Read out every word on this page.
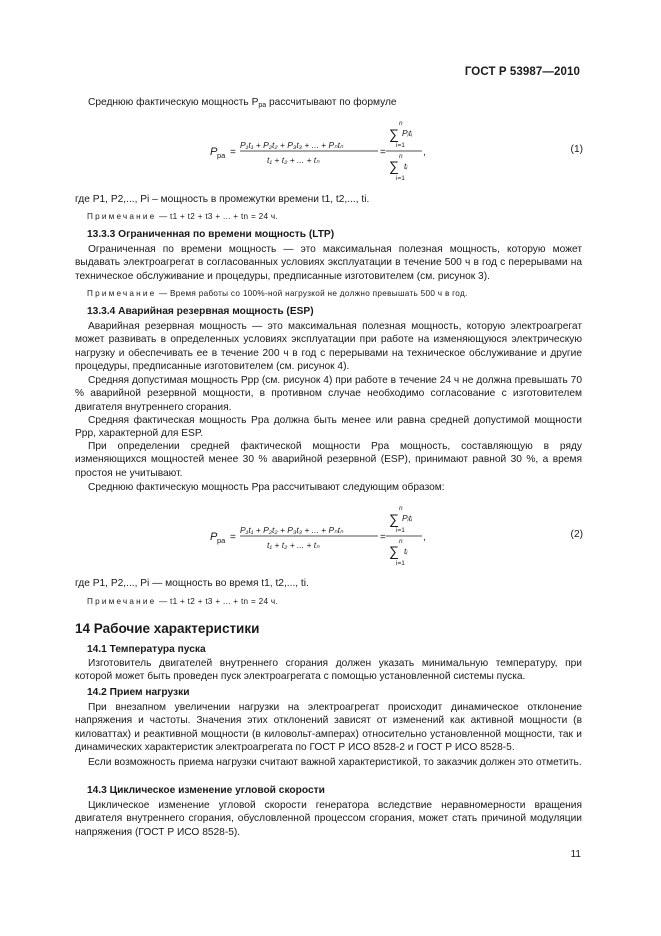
ГОСТ Р 53987—2010

Среднюю фактическую мощность $P_{pa}$ рассчитывают по формуле

P pa =
P₁t₁ + P₂t₂ + P₃t₃ + ... + Pₙtₙ
t₁ + t₂ + ... + tₙ
=
n
∑ Pᵢtᵢ
i=1
n
∑ tᵢ
i=1
,	(1)
где P1, P2,..., Pi – мощность в промежутки времени t1, t2,..., ti.
Примечание — t1 + t2 + t3 + ... + tn = 24 ч.
13.3.3 Ограниченная по времени мощность (LTP)

Ограниченная по времени мощность — это максимальная полезная мощность, которую может выдавать электроагрегат в согласованных условиях эксплуатации в течение 500 ч в год с перерывами на техническое обслуживание и процедуры, предписанные изготовителем (см. рисунок 3).

Примечание — Время работы со 100%-ной нагрузкой не должно превышать 500 ч в год.
13.3.4 Аварийная резервная мощность (ESP)

Аварийная резервная мощность — это максимальная полезная мощность, которую электроагрегат может развивать в определенных условиях эксплуатации при работе на изменяющуюся электрическую нагрузку и обеспечивать ее в течение 200 ч в год с перерывами на техническое обслуживание и другие процедуры, предписанные изготовителем (см. рисунок 4).

Средняя допустимая мощность Ppp (см. рисунок 4) при работе в течение 24 ч не должна превышать 70 % аварийной резервной мощности, в противном случае необходимо согласование с изготовителем двигателя внутреннего сгорания.

Средняя фактическая мощность Ppa должна быть менее или равна средней допустимой мощности Ppp, характерной для ESP.

При определении средней фактической мощности Ppa мощность, составляющую в ряду изменяющихся мощностей менее 30 % аварийной резервной (ESP), принимают равной 30 %, а время простоя не учитывают.

Среднюю фактическую мощность Ppa рассчитывают следующим образом:

P pa =
P₁t₁ + P₂t₂ + P₃t₃ + ... + Pₙtₙ
t₁ + t₂ + ... + tₙ
=
n
∑ Pᵢtᵢ
i=1
n
∑ tᵢ
i=1
,	(2)
где P1, P2,..., Pi — мощность во время t1, t2,..., ti.
Примечание — t1 + t2 + t3 + ... + tn = 24 ч.
14 Рабочие характеристики
14.1 Температура пуска

Изготовитель двигателей внутреннего сгорания должен указать минимальную температуру, при которой может быть проведен пуск электроагрегата с помощью установленной системы пуска.

14.2 Прием нагрузки

При внезапном увеличении нагрузки на электроагрегат происходит динамическое отклонение напряжения и частоты. Значения этих отклонений зависят от изменений как активной мощности (в киловаттах) и реактивной мощности (в киловольт-амперах) относительно установленной мощности, так и динамических характеристик электроагрегата по ГОСТ Р ИСО 8528-2 и ГОСТ Р ИСО 8528-5.

Если возможность приема нагрузки считают важной характеристикой, то заказчик должен это отметить.

14.3 Циклическое изменение угловой скорости

Циклическое изменение угловой скорости генератора вследствие неравномерности вращения двигателя внутреннего сгорания, обусловленной процессом сгорания, может стать причиной модуляции напряжения (ГОСТ Р ИСО 8528-5).

11
